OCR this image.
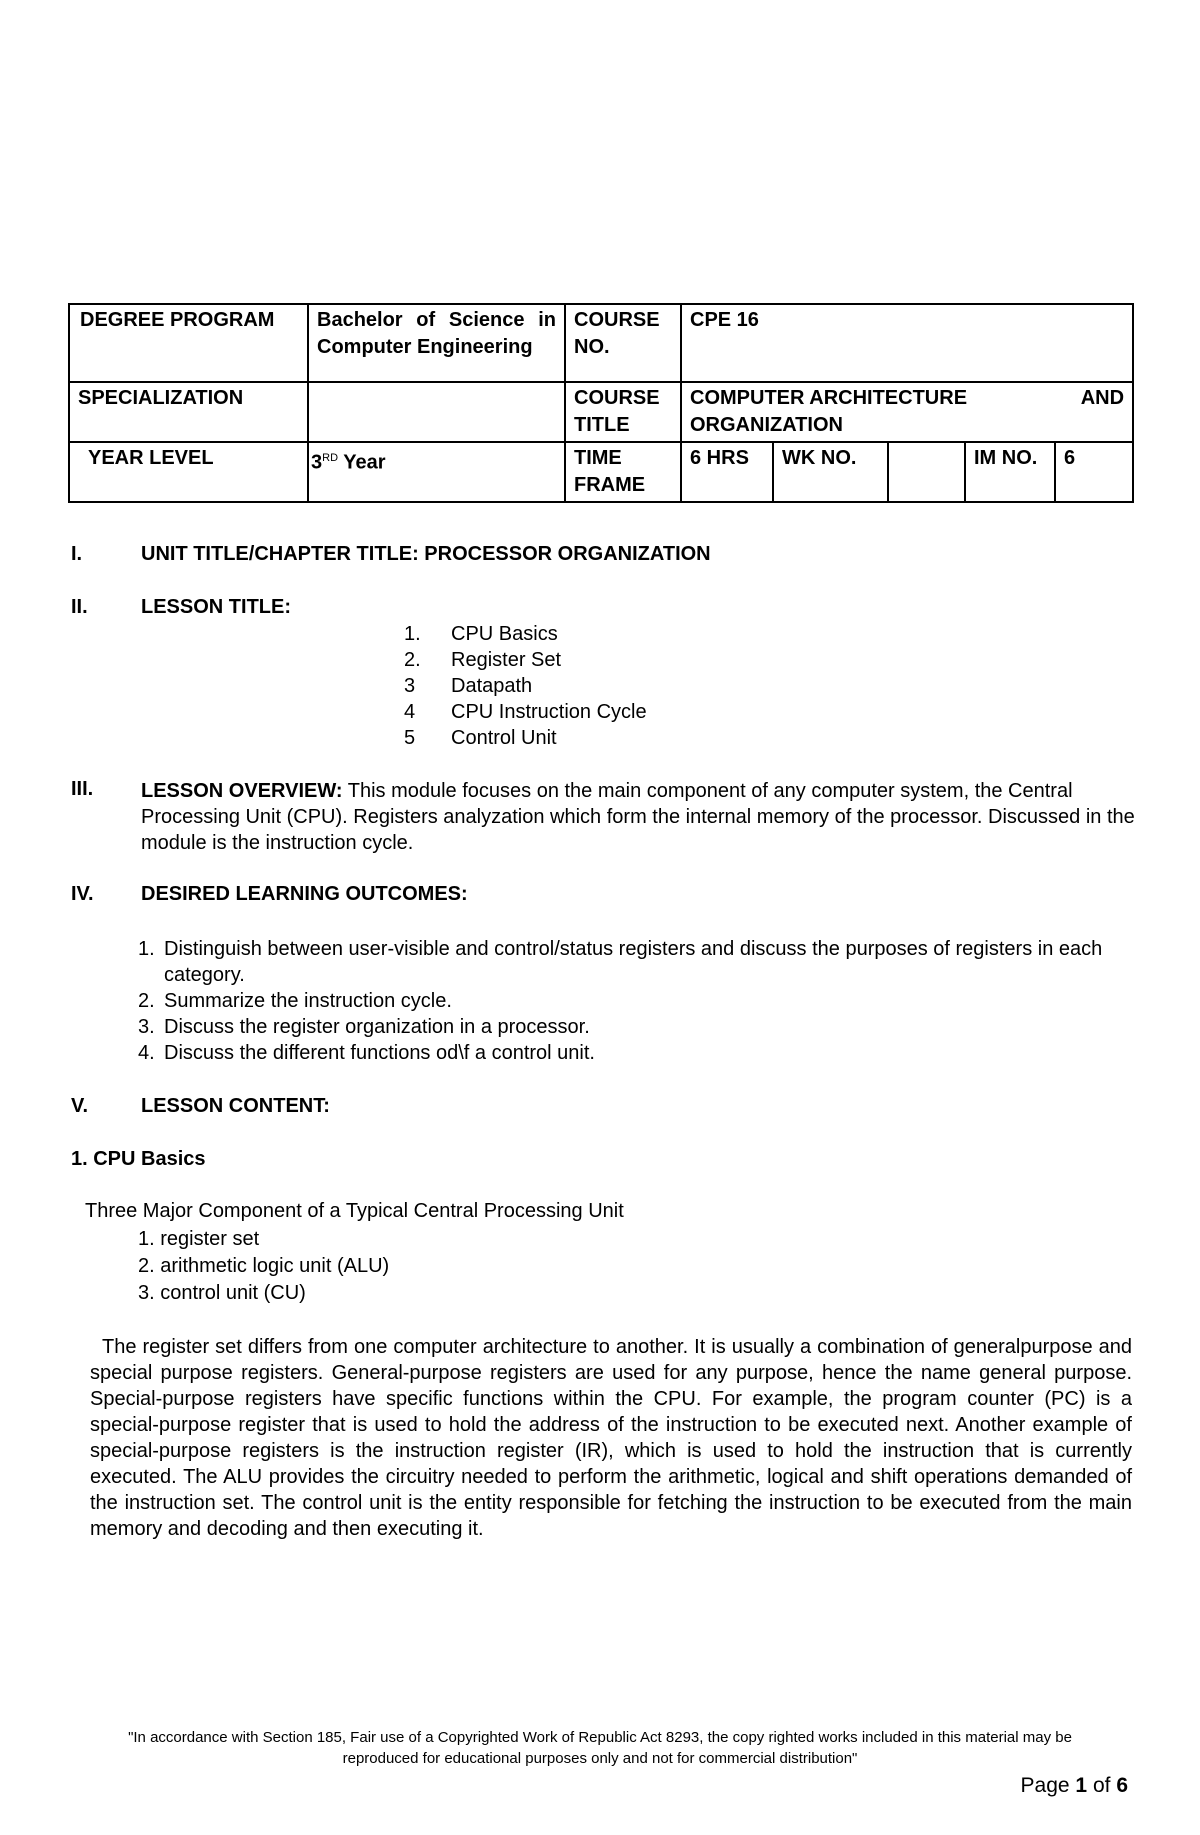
DEGREE PROGRAM	Bachelor of Science in Computer Engineering	COURSE NO.	CPE 16				
SPECIALIZATION		COURSE TITLE	COMPUTER ARCHITECTURE AND
ORGANIZATION				

YEAR LEVEL	3RD Year	TIME FRAME	6 HRS	WK NO.		IM NO.	6
I.	UNIT TITLE/CHAPTER TITLE: PROCESSOR ORGANIZATION
II.	LESSON TITLE:
1.	CPU Basics
2.	Register Set
3	Datapath
4	CPU Instruction Cycle
5	Control Unit
III. LESSON OVERVIEW: This module focuses on the main component of any computer system, the Central Processing Unit (CPU). Registers analyzation which form the internal memory of the processor. Discussed in the module is the instruction cycle.
IV. DESIRED LEARNING OUTCOMES:
1. Distinguish between user-visible and control/status registers and discuss the purposes of registers in each category.
2. Summarize the instruction cycle.
3. Discuss the register organization in a processor.
4. Discuss the different functions od\f a control unit.
V.	LESSON CONTENT:
1. CPU Basics
Three Major Component of a Typical Central Processing Unit
1. register set
2. arithmetic logic unit (ALU)
3. control unit (CU)
The register set differs from one computer architecture to another. It is usually a combination of generalpurpose and special purpose registers. General-purpose registers are used for any purpose, hence the name general purpose. Special-purpose registers have specific functions within the CPU. For example, the program counter (PC) is a special-purpose register that is used to hold the address of the instruction to be executed next. Another example of special-purpose registers is the instruction register (IR), which is used to hold the instruction that is currently executed. The ALU provides the circuitry needed to perform the arithmetic, logical and shift operations demanded of the instruction set. The control unit is the entity responsible for fetching the instruction to be executed from the main memory and decoding and then executing it.
"In accordance with Section 185, Fair use of a Copyrighted Work of Republic Act 8293, the copy righted works included in this material may be
reproduced for educational purposes only and not for commercial distribution"
Page 1 of 6
